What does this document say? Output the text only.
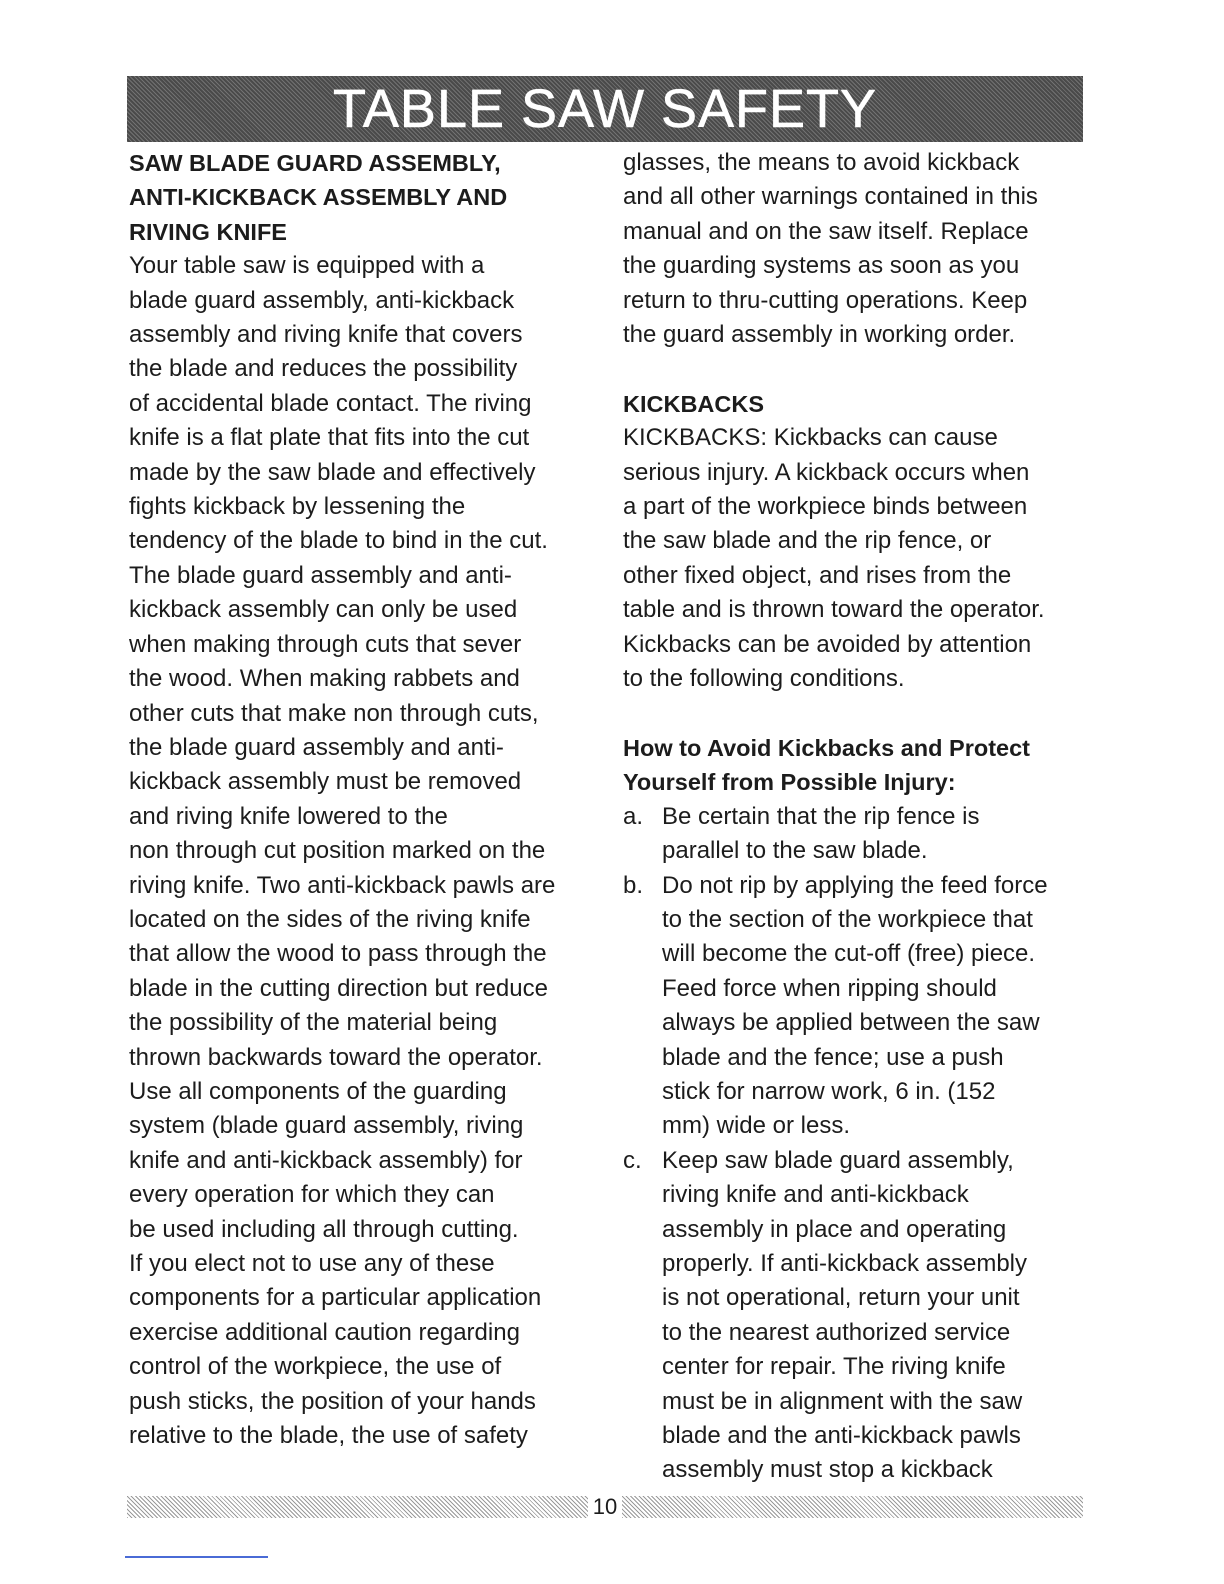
TABLE SAW SAFETY

SAW BLADE GUARD ASSEMBLY,

ANTI-KICKBACK ASSEMBLY AND

RIVING KNIFE

Your table saw is equipped with a

blade guard assembly, anti-kickback

assembly and riving knife that covers

the blade and reduces the possibility

of accidental blade contact. The riving

knife is a flat plate that fits into the cut

made by the saw blade and effectively

fights kickback by lessening the

tendency of the blade to bind in the cut.

The blade guard assembly and anti-

kickback assembly can only be used

when making through cuts that sever

the wood. When making rabbets and

other cuts that make non through cuts,

the blade guard assembly and anti-

kickback assembly must be removed

and riving knife lowered to the

non through cut position marked on the

riving knife. Two anti-kickback pawls are

located on the sides of the riving knife

that allow the wood to pass through the

blade in the cutting direction but reduce

the possibility of the material being

thrown backwards toward the operator.

Use all components of the guarding

system (blade guard assembly, riving

knife and anti-kickback assembly) for

every operation for which they can

be used including all through cutting.

If you elect not to use any of these

components for a particular application

exercise additional caution regarding

control of the workpiece, the use of

push sticks, the position of your hands

relative to the blade, the use of safety

glasses, the means to avoid kickback

and all other warnings contained in this

manual and on the saw itself. Replace

the guarding systems as soon as you

return to thru-cutting operations. Keep

the guard assembly in working order.

KICKBACKS

KICKBACKS: Kickbacks can cause

serious injury. A kickback occurs when

a part of the workpiece binds between

the saw blade and the rip fence, or

other fixed object, and rises from the

table and is thrown toward the operator.

Kickbacks can be avoided by attention

to the following conditions.

How to Avoid Kickbacks and Protect

Yourself from Possible Injury:

a. Be certain that the rip fence is

parallel to the saw blade.

b. Do not rip by applying the feed force

to the section of the workpiece that

will become the cut-off (free) piece.

Feed force when ripping should

always be applied between the saw

blade and the fence; use a push

stick for narrow work, 6 in. (152

mm) wide or less.

c. Keep saw blade guard assembly,

riving knife and anti-kickback

assembly in place and operating

properly. If anti-kickback assembly

is not operational, return your unit

to the nearest authorized service

center for repair. The riving knife

must be in alignment with the saw

blade and the anti-kickback pawls

assembly must stop a kickback

10
